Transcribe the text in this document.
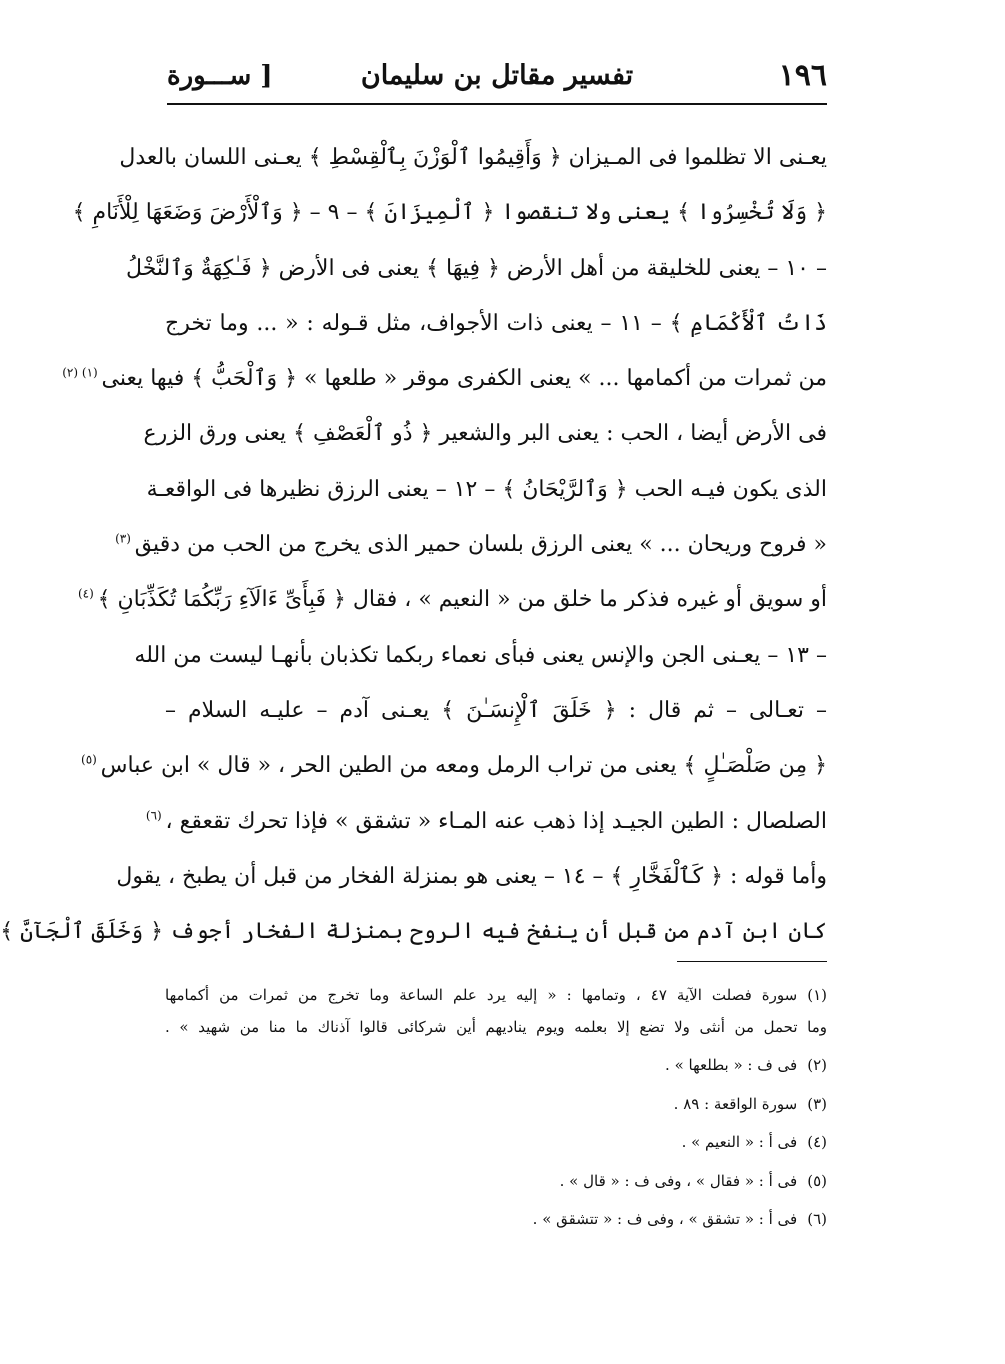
١٩٦
تفسير مقاتل بن سليمان
[ ســـورة
يعـنى الا تظلموا فى المـيزان ﴿ وَأَقِيمُوا ٱلْوَزْنَ بِٱلْقِسْطِ ﴾ يعـنى اللسان بالعدل
﴿ وَلَا تُخْسِرُوا ﴾ يعنى ولا تنقصوا ﴿ ٱلْمِيزَانَ ﴾ – ٩ – ﴿ وَٱلْأَرْضَ وَضَعَهَا لِلْأَنَامِ ﴾
– ١٠ – يعنى للخليقة من أهل الأرض ﴿ فِيهَا ﴾ يعنى فى الأرض ﴿ فَـٰكِهَةٌ وَٱلنَّخْلُ
ذَاتُ ٱلْأَكْمَامِ ﴾ – ١١ – يعنى ذات الأجواف، مثل قـوله : « ... وما تخرج
من ثمرات من أكمامها ... » يعنى الكفرى موقر « طلعها » ﴿ وَٱلْحَبُّ ﴾ فيها يعنى $^{(١)}$ $^{(٢)}$
فى الأرض أيضا ، الحب : يعنى البر والشعير ﴿ ذُو ٱلْعَصْفِ ﴾ يعنى ورق الزرع
الذى يكون فيـه الحب ﴿ وَٱلرَّيْحَانُ ﴾ – ١٢ – يعنى الرزق نظيرها فى الواقعـة
« فروح وريحان ... » يعنى الرزق بلسان حمير الذى يخرج من الحب من دقيق $^{(٣)}$
أو سويق أو غيره فذكر ما خلق من « النعيم » ، فقال ﴿ فَبِأَىِّ ءَالَآءِ رَبِّكُمَا تُكَذِّبَانِ ﴾ $^{(٤)}$
– ١٣ – يعـنى الجن والإنس يعنى فبأى نعماء ربكما تكذبان بأنهـا ليست من الله
– تعـالى – ثم قال : ﴿ خَلَقَ ٱلْإِنسَـٰنَ ﴾ يعـنى آدم – عليـه السلام –
﴿ مِن صَلْصَـٰلٍ ﴾ يعنى من تراب الرمل ومعه من الطين الحر ، « قال » ابن عباس $^{(٥)}$
الصلصال : الطين الجيـد إذا ذهب عنه المـاء « تشقق » فإذا تحرك تقعقع ، $^{(٦)}$
وأما قوله : ﴿ كَٱلْفَخَّارِ ﴾ – ١٤ – يعنى هو بمنزلة الفخار من قبل أن يطبخ ، يقول
كان ابن آدم من قبل أن ينفخ فيه الروح بمنزلة الفخار أجوف ﴿ وَخَلَقَ ٱلْجَآنَّ ﴾
(١)سورة فصلت الآية ٤٧ ، وتمامها : « إليه يرد علم الساعة وما تخرج من ثمرات من أكمامها
وما تحمل من أنثى ولا تضع إلا بعلمه ويوم يناديهم أين شركائى قالوا آذناك ما منا من شهيد » .
(٢)فى ف : « بطلعها » .
(٣)سورة الواقعة : ٨٩ .
(٤)فى أ : « النعيم » .
(٥)فى أ : « فقال » ، وفى ف : « قال » .
(٦)فى أ : « تشقق » ، وفى ف : « تتشقق » .
